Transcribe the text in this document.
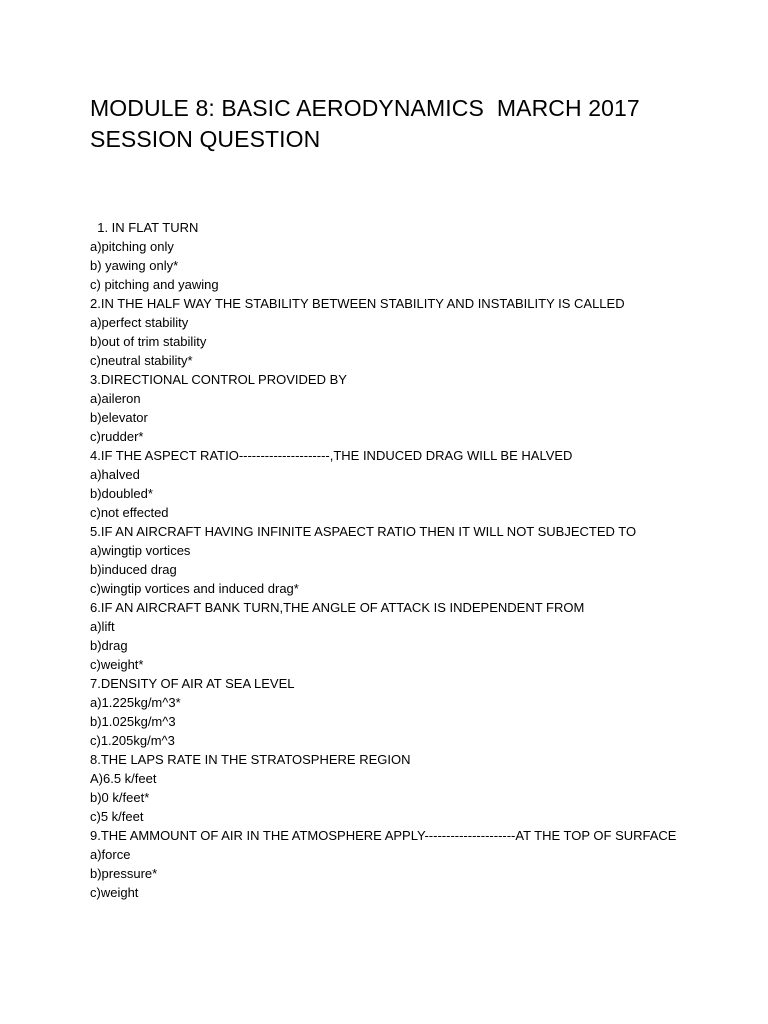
MODULE 8: BASIC AERODYNAMICS  MARCH 2017
SESSION QUESTION
1. IN FLAT TURN
a)pitching only
b) yawing only*
c) pitching and yawing
2.IN THE HALF WAY THE STABILITY BETWEEN STABILITY AND INSTABILITY IS CALLED
a)perfect stability
b)out of trim stability
c)neutral stability*
3.DIRECTIONAL CONTROL PROVIDED BY
a)aileron
b)elevator
c)rudder*
4.IF THE ASPECT RATIO---------------------,THE INDUCED DRAG WILL BE HALVED
a)halved
b)doubled*
c)not effected
5.IF AN AIRCRAFT HAVING INFINITE ASPAECT RATIO THEN IT WILL NOT SUBJECTED TO
a)wingtip vortices
b)induced drag
c)wingtip vortices and induced drag*
6.IF AN AIRCRAFT BANK TURN,THE ANGLE OF ATTACK IS INDEPENDENT FROM
a)lift
b)drag
c)weight*
7.DENSITY OF AIR AT SEA LEVEL
a)1.225kg/m^3*
b)1.025kg/m^3
c)1.205kg/m^3
8.THE LAPS RATE IN THE STRATOSPHERE REGION
A)6.5 k/feet
b)0 k/feet*
c)5 k/feet
9.THE AMMOUNT OF AIR IN THE ATMOSPHERE APPLY---------------------AT THE TOP OF SURFACE
a)force
b)pressure*
c)weight
